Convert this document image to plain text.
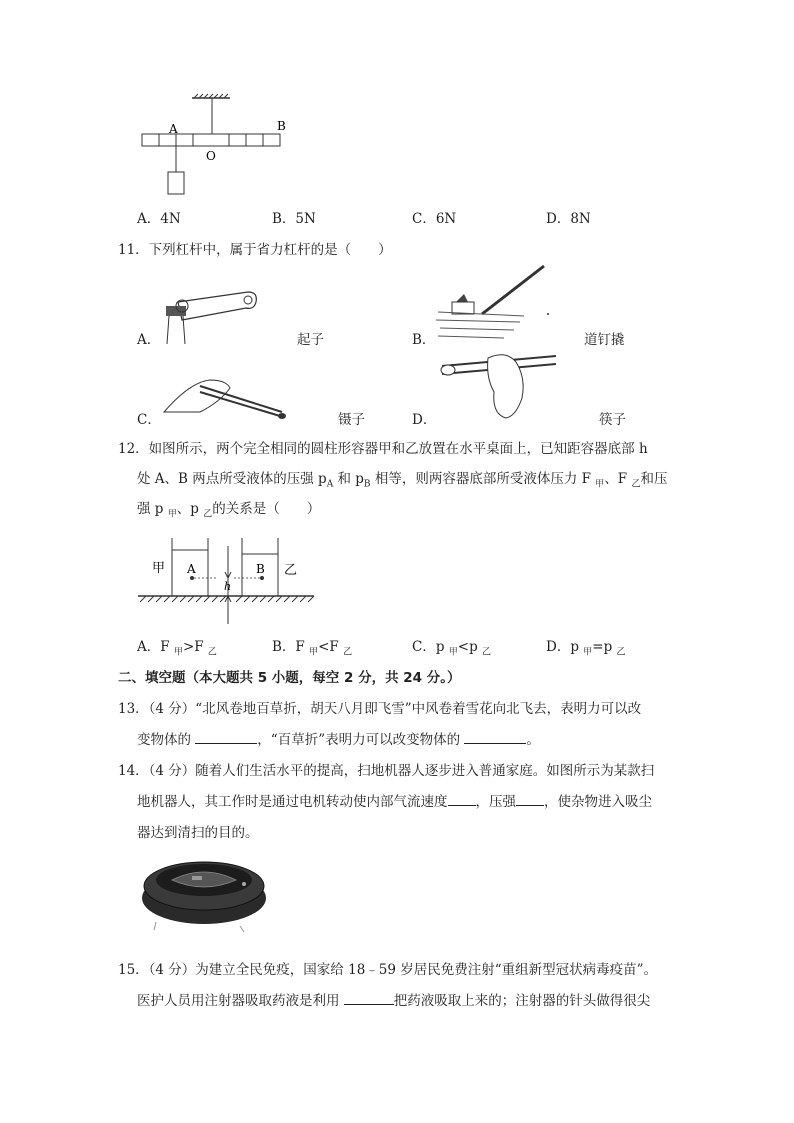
A
O
B
A．4N	B．5N	C．6N	D．8N
11．下列杠杆中，属于省力杠杆的是（　　）
A．	起子	B．	道钉撬
C．	镊子	D．	筷子
12．如图所示，两个完全相同的圆柱形容器甲和乙放置在水平桌面上，已知距容器底部 h
处 A、B 两点所受液体的压强 $p_A$ 和 $p_B$ 相等，则两容器底部所受液体压力 F $_甲$、F $_乙$和压
强 p $_甲$、p $_乙$的关系是（　　）
甲	乙
A	B
h
A．F $_甲$>F $_乙$	B．F $_甲$<F $_乙$	C．p $_甲$<p $_乙$	D．p $_甲$=p $_乙$
二、填空题（本大题共 5 小题，每空 2 分，共 24 分。）
13．（4 分）“北风卷地百草折，胡天八月即飞雪”中风卷着雪花向北飞去，表明力可以改
变物体的	，“百草折”表明力可以改变物体的	。
14．（4 分）随着人们生活水平的提高，扫地机器人逐步进入普通家庭。如图所示为某款扫
地机器人，其工作时是通过电机转动使内部气流速度 ，压强 ，使杂物进入吸尘
器达到清扫的目的。
15．（4 分）为建立全民免疫，国家给 18﹣59 岁居民免费注射“重组新型冠状病毒疫苗”。
医护人员用注射器吸取药液是利用	把药液吸取上来的；注射器的针头做得很尖
